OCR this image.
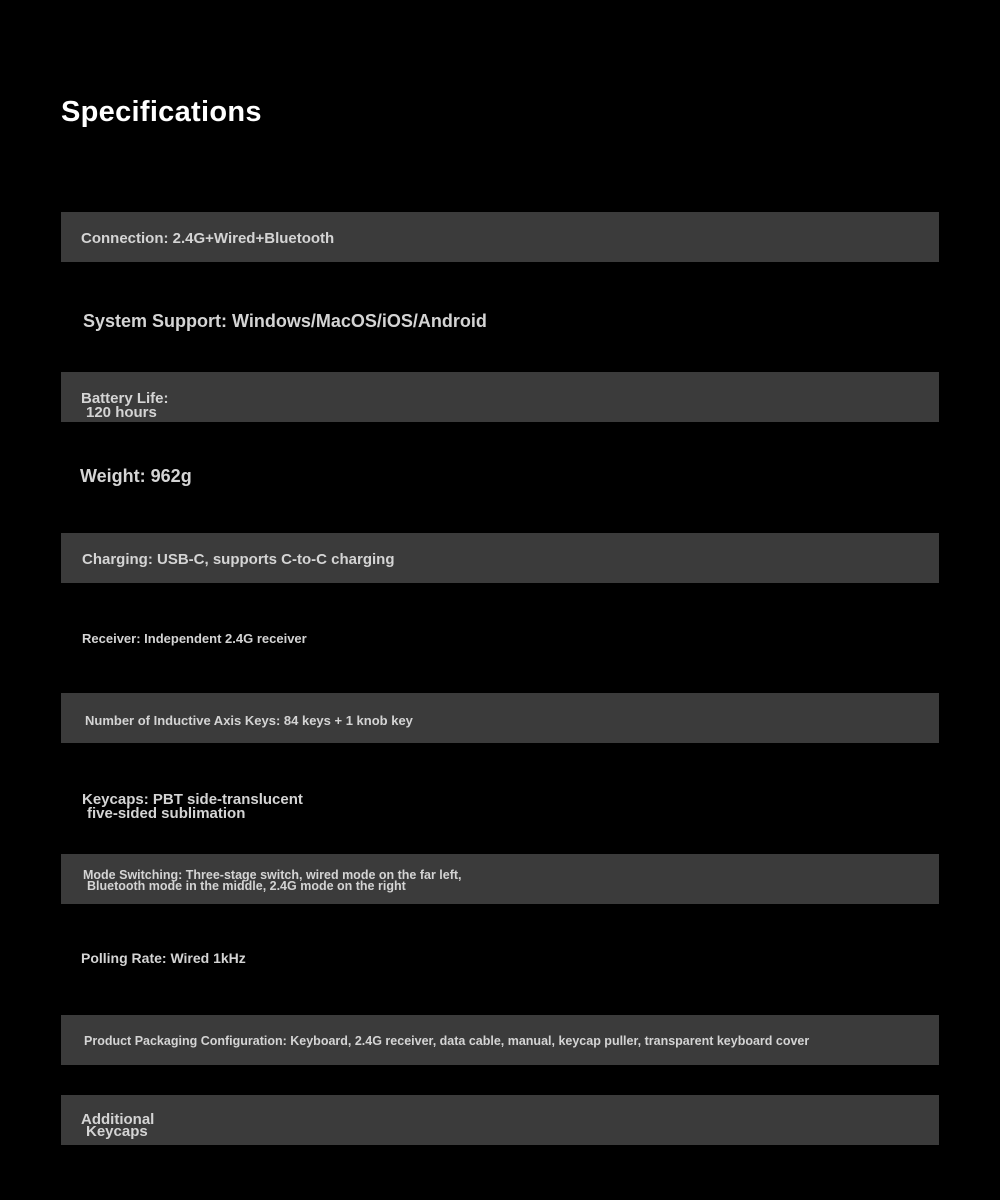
Specifications
Connection: 2.4G+Wired+Bluetooth
System Support: Windows/MacOS/iOS/Android
Battery Life:
120 hours
Weight: 962g
Charging: USB-C, supports C-to-C charging
Receiver: Independent 2.4G receiver
Number of Inductive Axis Keys: 84 keys + 1 knob key
Keycaps: PBT side-translucent
five-sided sublimation
Mode Switching: Three-stage switch, wired mode on the far left,
Bluetooth mode in the middle, 2.4G mode on the right
Polling Rate: Wired 1kHz
Product Packaging Configuration: Keyboard, 2.4G receiver, data cable, manual, keycap puller, transparent keyboard cover
Additional
Keycaps
